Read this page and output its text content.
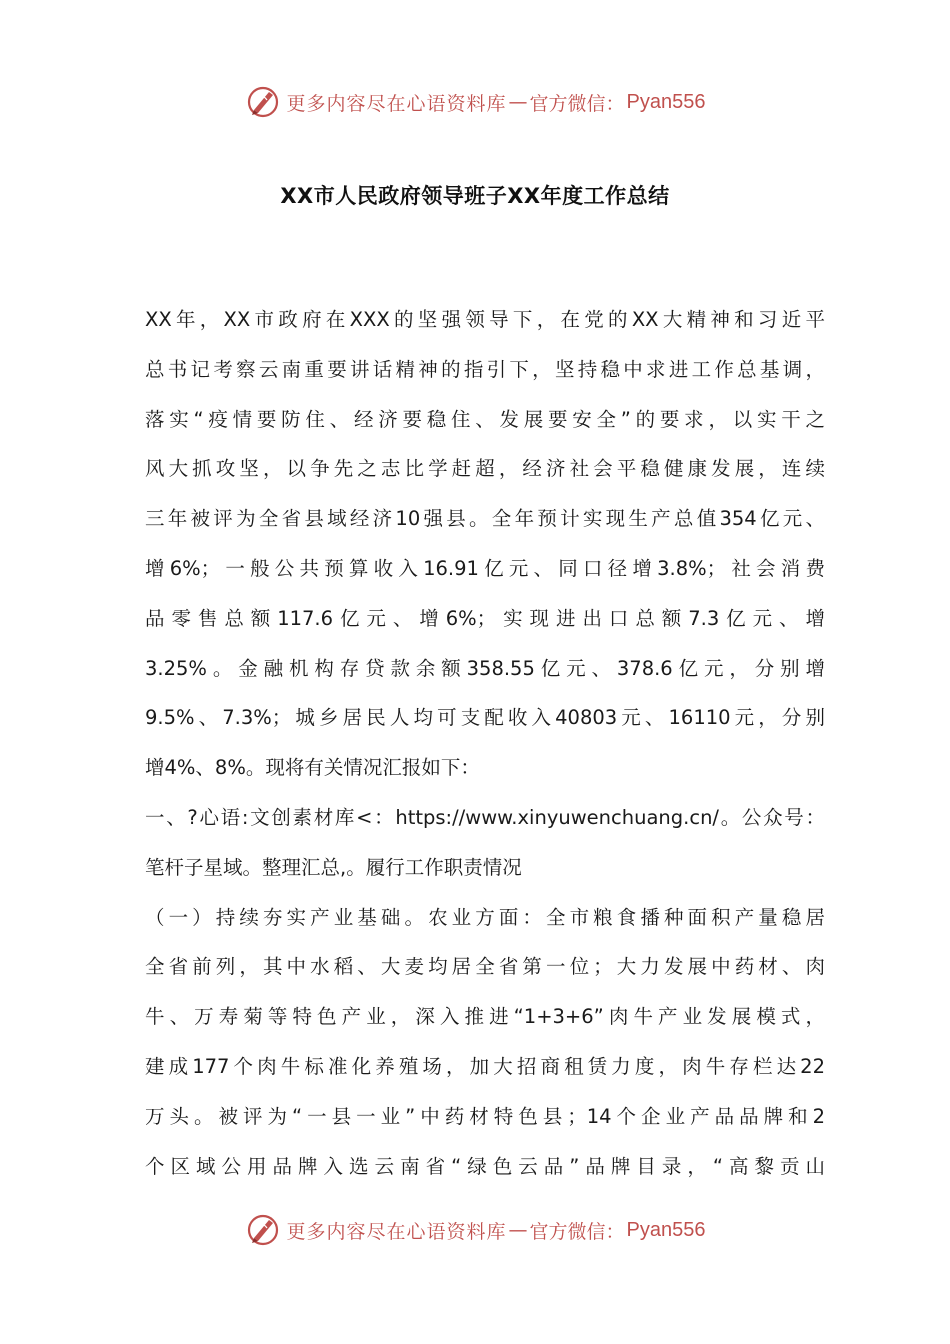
更多内容尽在心语资料库 — 官方微信： Pyan556
XX市人民政府领导班子XX年度工作总结
XX年，XX市政府在XXX的坚强领导下，在党的XX大精神和习近平
总书记考察云南重要讲话精神的指引下，坚持稳中求进工作总基调，
落实“疫情要防住、经济要稳住、发展要安全”的要求，以实干之
风大抓攻坚，以争先之志比学赶超，经济社会平稳健康发展，连续
三年被评为全省县域经济10强县。全年预计实现生产总值354亿元、
增6%；一般公共预算收入16.91亿元、同口径增3.8%；社会消费
品零售总额117.6亿元、增6%；实现进出口总额7.3亿元、增
3.25%。金融机构存贷款余额358.55亿元、378.6亿元，分别增
9.5%、7.3%；城乡居民人均可支配收入40803元、16110元，分别
增4%、8%。现将有关情况汇报如下：
一、?心语:文创素材库<：https://www.xinyuwenchuang.cn/。公众号：
笔杆子星域。整理汇总,。履行工作职责情况
（一）持续夯实产业基础。农业方面：全市粮食播种面积产量稳居
全省前列，其中水稻、大麦均居全省第一位；大力发展中药材、肉
牛、万寿菊等特色产业，深入推进“1+3+6”肉牛产业发展模式，
建成177个肉牛标准化养殖场，加大招商租赁力度，肉牛存栏达22
万头。被评为“一县一业”中药材特色县；14个企业产品品牌和2
个区域公用品牌入选云南省“绿色云品”品牌目录，“高黎贡山
更多内容尽在心语资料库 — 官方微信： Pyan556
